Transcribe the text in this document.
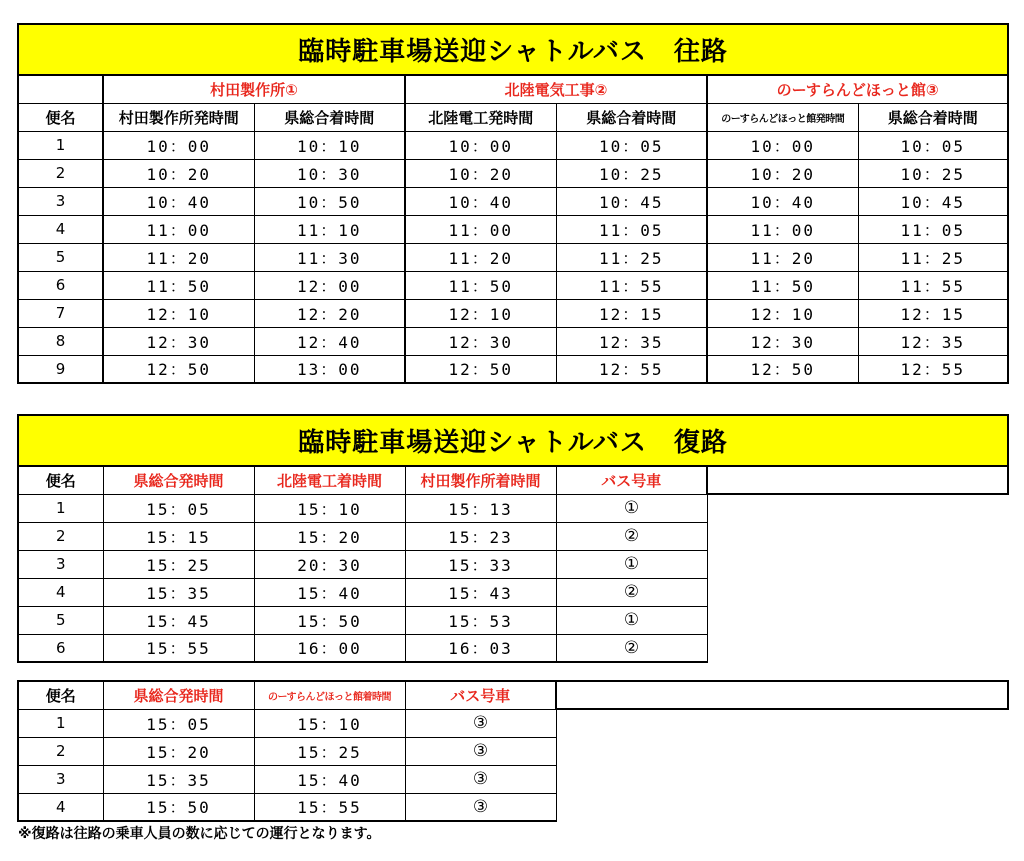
臨時駐車場送迎シャトルバス　往路						
	村田製作所①		北陸電気工事②		のーすらんどほっと館③	
便名	村田製作所発時間	県総合着時間	北陸電工発時間	県総合着時間	のーすらんどほっと館発時間	県総合着時間
1	10：00	10：10	10：00	10：05	10：00	10：05
2	10：20	10：30	10：20	10：25	10：20	10：25
3	10：40	10：50	10：40	10：45	10：40	10：45
4	11：00	11：10	11：00	11：05	11：00	11：05
5	11：20	11：30	11：20	11：25	11：20	11：25
6	11：50	12：00	11：50	11：55	11：50	11：55
7	12：10	12：20	12：10	12：15	12：10	12：15
8	12：30	12：40	12：30	12：35	12：30	12：35
9	12：50	13：00	12：50	12：55	12：50	12：55
臨時駐車場送迎シャトルバス　復路					
便名	県総合発時間	北陸電工着時間	村田製作所着時間	バス号車	
1	15：05	15：10	15：13	①	
2	15：15	15：20	15：23	②	
3	15：25	20：30	15：33	①	
4	15：35	15：40	15：43	②	
5	15：45	15：50	15：53	①	
6	15：55	16：00	16：03	②	
便名	県総合発時間	のーすらんどほっと館着時間	バス号車	
1	15：05	15：10	③	
2	15：20	15：25	③	
3	15：35	15：40	③	
4	15：50	15：55	③	
※復路は往路の乗車人員の数に応じての運行となります。
